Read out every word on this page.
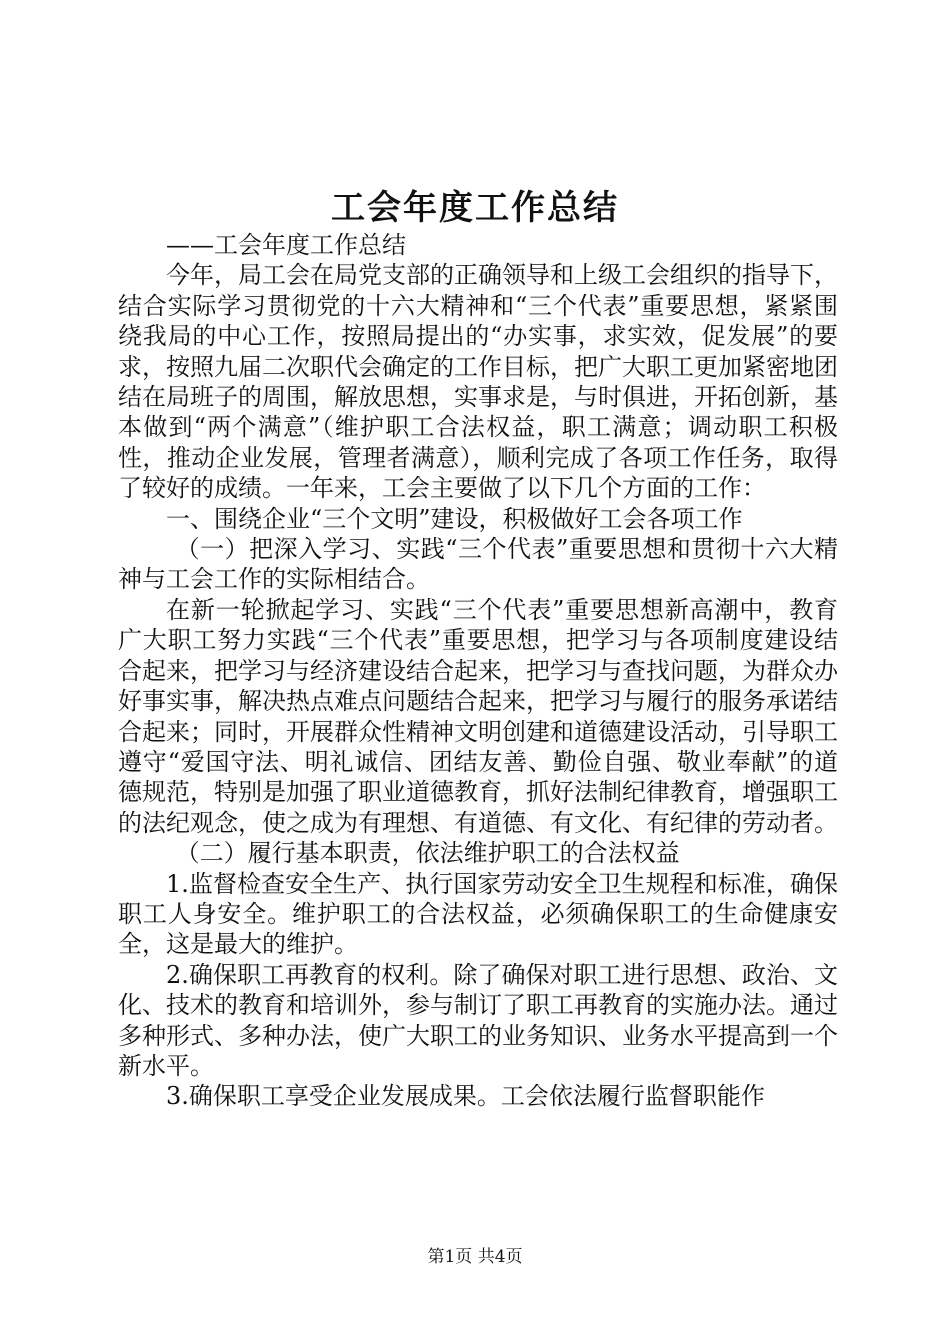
工会年度工作总结

——工会年度工作总结

今年，局工会在局党支部的正确领导和上级工会组织的指导下，结合实际学习贯彻党的十六大精神和“三个代表”重要思想，紧紧围绕我局的中心工作，按照局提出的“办实事，求实效，促发展”的要求，按照九届二次职代会确定的工作目标，把广大职工更加紧密地团结在局班子的周围，解放思想，实事求是，与时俱进，开拓创新，基本做到“两个满意”（维护职工合法权益，职工满意；调动职工积极性，推动企业发展，管理者满意），顺利完成了各项工作任务，取得了较好的成绩。一年来，工会主要做了以下几个方面的工作：

一、围绕企业“三个文明”建设，积极做好工会各项工作

（一）把深入学习、实践“三个代表”重要思想和贯彻十六大精神与工会工作的实际相结合。

在新一轮掀起学习、实践“三个代表”重要思想新高潮中，教育广大职工努力实践“三个代表”重要思想，把学习与各项制度建设结合起来，把学习与经济建设结合起来，把学习与查找问题，为群众办好事实事，解决热点难点问题结合起来，把学习与履行的服务承诺结合起来；同时，开展群众性精神文明创建和道德建设活动，引导职工遵守“爱国守法、明礼诚信、团结友善、勤俭自强、敬业奉献”的道德规范，特别是加强了职业道德教育，抓好法制纪律教育，增强职工的法纪观念，使之成为有理想、有道德、有文化、有纪律的劳动者。

（二）履行基本职责，依法维护职工的合法权益

1.监督检查安全生产、执行国家劳动安全卫生规程和标准，确保职工人身安全。维护职工的合法权益，必须确保职工的生命健康安全，这是最大的维护。

2.确保职工再教育的权利。除了确保对职工进行思想、政治、文化、技术的教育和培训外，参与制订了职工再教育的实施办法。通过多种形式、多种办法，使广大职工的业务知识、业务水平提高到一个新水平。

3.确保职工享受企业发展成果。工会依法履行监督职能作

第1页 共4页
